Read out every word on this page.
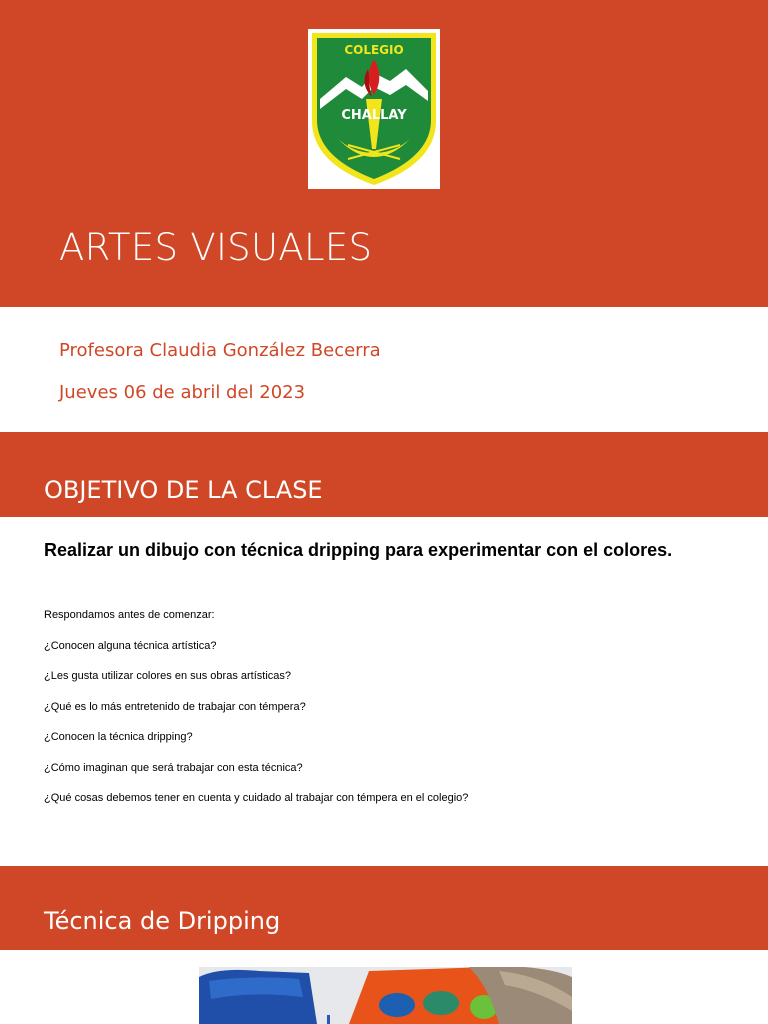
COLEGIO
CHALLAY
ARTES VISUALES
Profesora Claudia González Becerra
Jueves 06 de abril del 2023
OBJETIVO DE LA CLASE
Realizar un dibujo con técnica dripping para experimentar con el colores.
Respondamos antes de comenzar:
¿Conocen alguna técnica artística?
¿Les gusta utilizar colores en sus obras artísticas?
¿Qué es lo más entretenido de trabajar con témpera?
¿Conocen la técnica dripping?
¿Cómo imaginan que será trabajar con esta técnica?
¿Qué cosas debemos tener en cuenta y cuidado al trabajar con témpera en el colegio?
Técnica de Dripping
